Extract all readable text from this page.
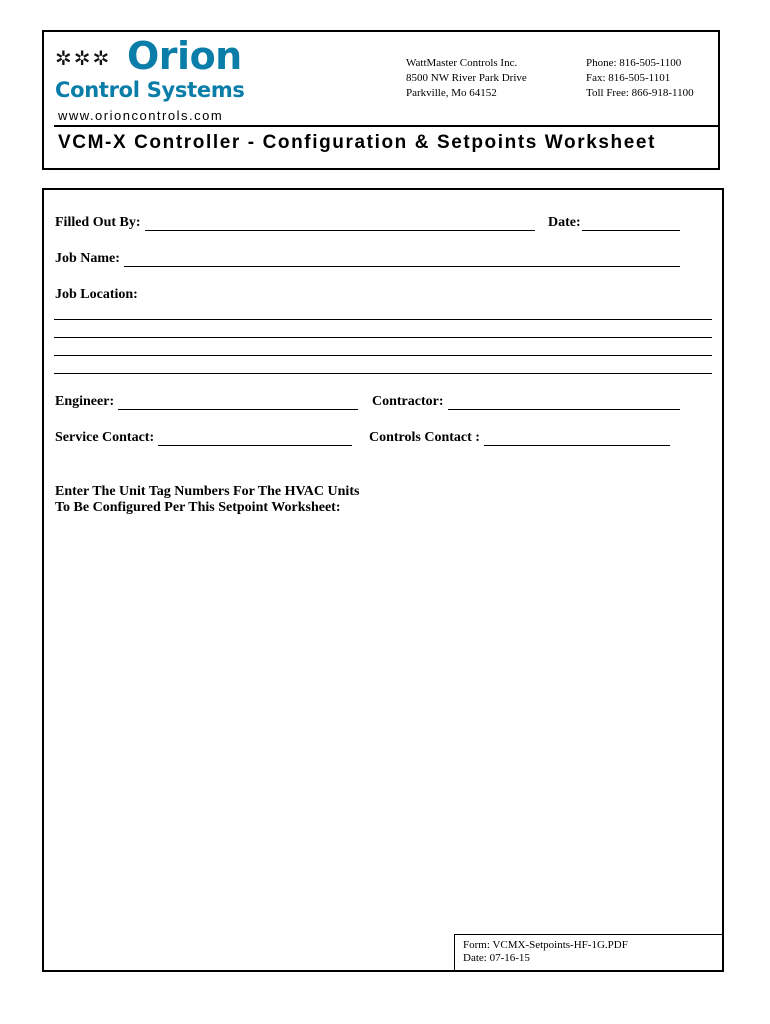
✲✲✲ Orion
Control Systems
www.orioncontrols.com
WattMaster Controls Inc.
8500 NW River Park Drive
Parkville, Mo 64152
Phone: 816-505-1100
Fax: 816-505-1101
Toll Free: 866-918-1100
VCM-X Controller - Configuration & Setpoints Worksheet
Filled Out By:	Date:
Job Name:
Job Location:
Engineer:	Contractor:
Service Contact:	Controls Contact :
Enter The Unit Tag Numbers For The HVAC Units
To Be Configured Per This Setpoint Worksheet:
Form: VCMX-Setpoints-HF-1G.PDF
Date: 07-16-15
